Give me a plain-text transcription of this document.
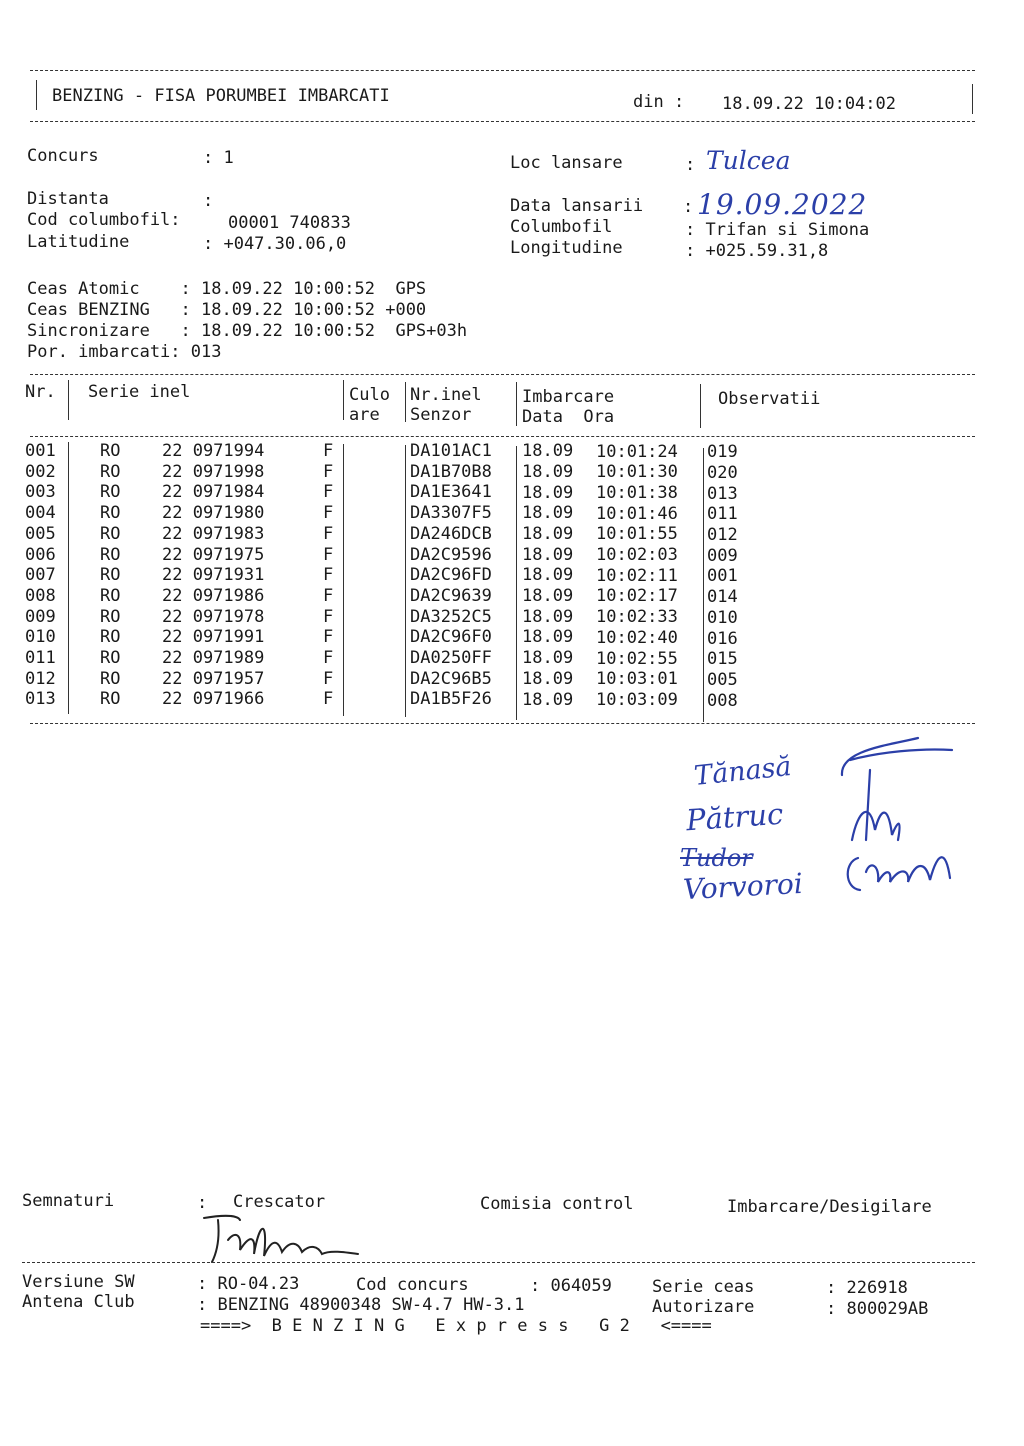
BENZING - FISA PORUMBEI IMBARCATI	din : 18.09.22 10:04:02
Concurs	: 1	Loc lansare	: Tulcea
Distanta	:
Cod columbofil:	00001 740833
Latitudine	: +047.30.06,0
Data lansarii : 19.09.2022
Columbofil	: Trifan si Simona
Longitudine	: +025.59.31,8
Ceas Atomic    : 18.09.22 10:00:52  GPS
Ceas BENZING   : 18.09.22 10:00:52 +000
Sincronizare   : 18.09.22 10:00:52  GPS+03h
Por. imbarcati: 013
Nr. Serie inel	Culo
are
Nr.inel
Senzor
Imbarcare
Data  Ora
Observatii
001	RO 22 0971994	F	DA101AC1 18.09 10:01:24 019
002	RO 22 0971998	F	DA1B70B8 18.09 10:01:30 020
003	RO 22 0971984	F	DA1E3641 18.09 10:01:38 013
004	RO 22 0971980	F	DA3307F5 18.09 10:01:46 011
005	RO 22 0971983	F	DA246DCB 18.09 10:01:55 012
006	RO 22 0971975	F	DA2C9596 18.09 10:02:03 009
007	RO 22 0971931	F	DA2C96FD 18.09 10:02:11 001
008	RO 22 0971986	F	DA2C9639 18.09 10:02:17 014
009	RO 22 0971978	F	DA3252C5 18.09 10:02:33 010
010	RO 22 0971991	F	DA2C96F0 18.09 10:02:40 016
011	RO 22 0971989	F	DA0250FF 18.09 10:02:55 015
012	RO 22 0971957	F	DA2C96B5 18.09 10:03:01 005
013	RO 22 0971966	F	DA1B5F26 18.09 10:03:09 008
Tănasă
Pătruc
Tudor
Vorvoroi
Semnaturi	: Crescator	Comisia control	Imbarcare/Desigilare
Versiune SW	: RO-04.23	Cod concurs	: 064059 Serie ceas	: 226918
Antena Club	: BENZING 48900348 SW-4.7 HW-3.1	Autorizare	: 800029AB
====>  B E N Z I N G   E x p r e s s   G 2   <====
